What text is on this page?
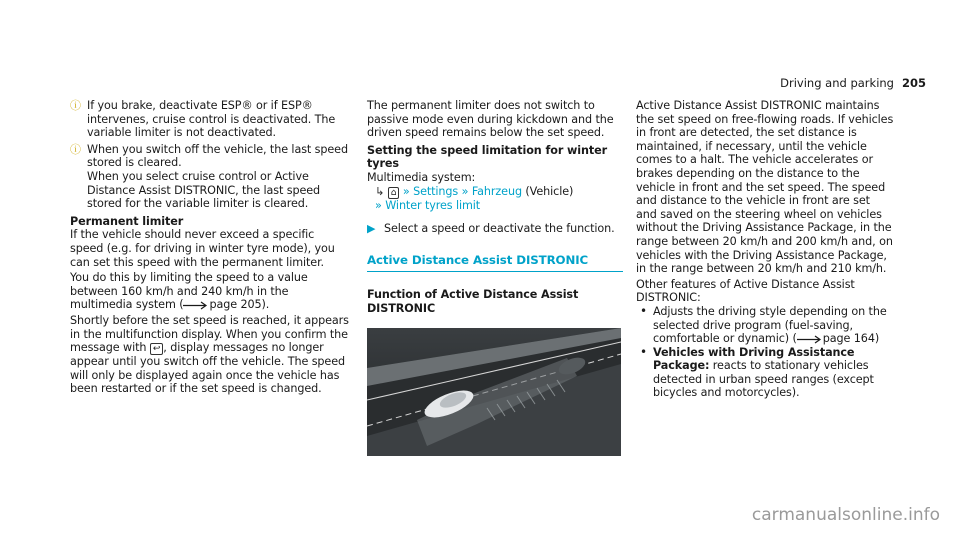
Driving and parking 205
ⓘ If you brake, deactivate ESP® or if ESP® intervenes, cruise control is deactivated. The variable limiter is not deactivated.
ⓘ When you switch off the vehicle, the last speed stored is cleared.
When you select cruise control or Active Distance Assist DISTRONIC, the last speed stored for the variable limiter is cleared.
Permanent limiter
If the vehicle should never exceed a specific speed (e.g. for driving in winter tyre mode), you can set this speed with the permanent limiter.
You do this by limiting the speed to a value between 160 km/h and 240 km/h in the multimedia system ( page 205).
Shortly before the set speed is reached, it appears in the multifunction display. When you confirm the message with ↩ , display messages no longer appear until you switch off the vehicle. The speed will only be displayed again once the vehicle has been restarted or if the set speed is changed.
The permanent limiter does not switch to passive mode even during kickdown and the driven speed remains below the set speed.
Setting the speed limitation for winter tyres
Multimedia system:
↳ ⌂ » Settings » Fahrzeug (Vehicle)
» Winter tyres limit
▶ Select a speed or deactivate the function.
Active Distance Assist DISTRONIC
Function of Active Distance Assist DISTRONIC
Active Distance Assist DISTRONIC maintains the set speed on free-flowing roads. If vehicles in front are detected, the set distance is maintained, if necessary, until the vehicle comes to a halt. The vehicle accelerates or brakes depending on the distance to the vehicle in front and the set speed. The speed and distance to the vehicle in front are set and saved on the steering wheel on vehicles without the Driving Assistance Package, in the range between 20 km/h and 200 km/h and, on vehicles with the Driving Assistance Package, in the range between 20 km/h and 210 km/h.
Other features of Active Distance Assist DISTRONIC:
• Adjusts the driving style depending on the selected drive program (fuel-saving, comfortable or dynamic) ( page 164)
• Vehicles with Driving Assistance Package: reacts to stationary vehicles detected in urban speed ranges (except bicycles and motorcycles).
carmanualsonline.info
